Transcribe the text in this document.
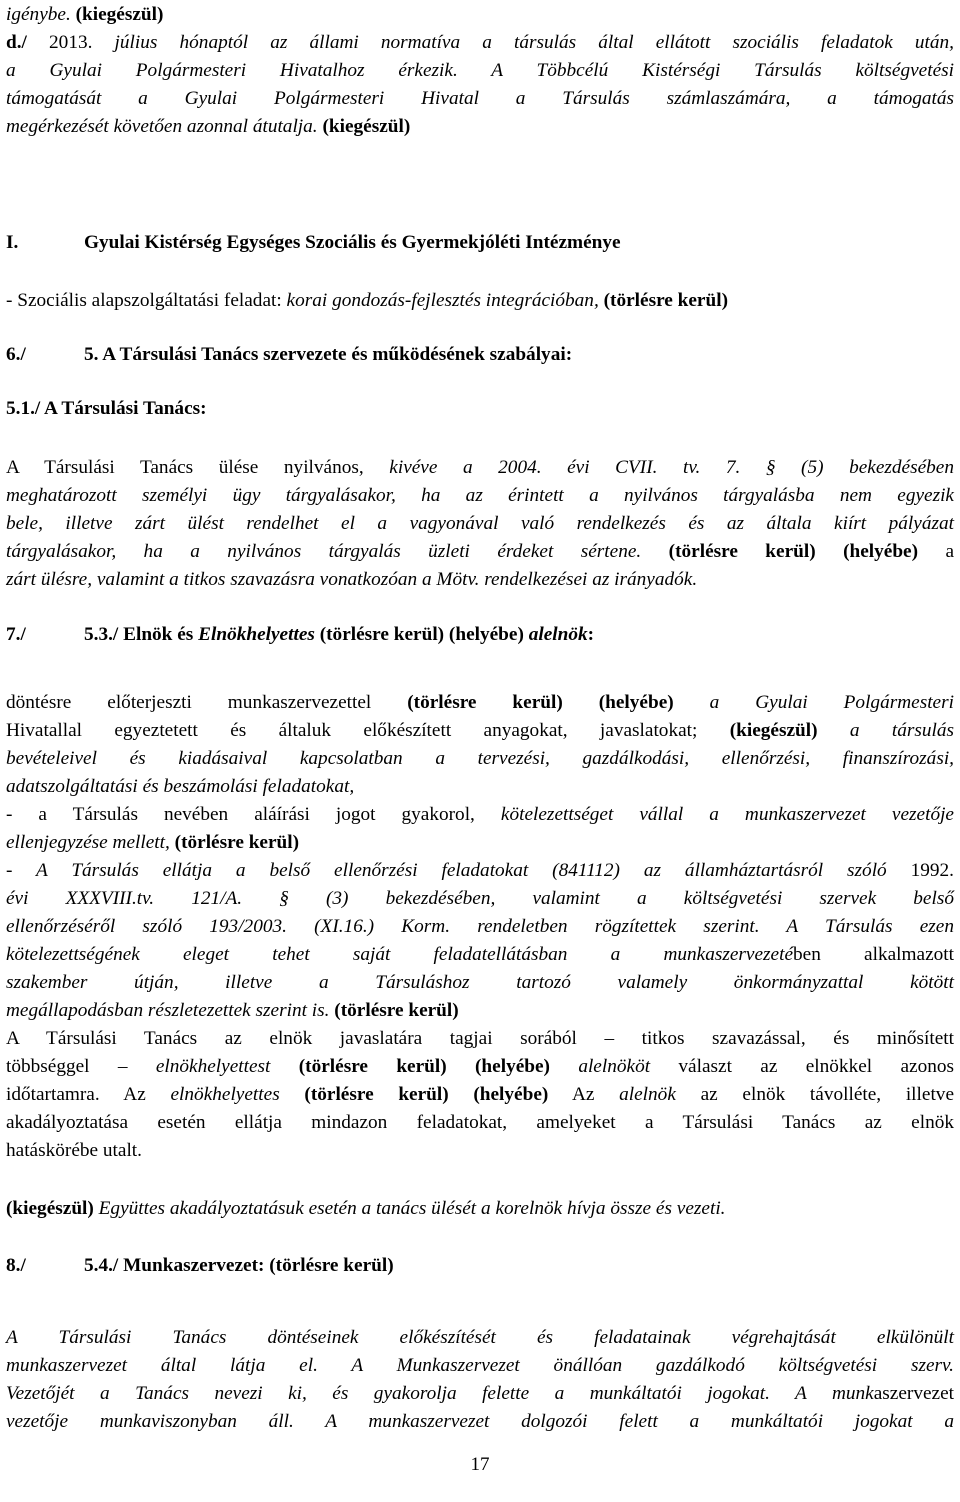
igénybe. (kiegészül)
d./ 2013. július hónaptól az állami normatíva a társulás által ellátott szociális feladatok után,
a Gyulai Polgármesteri Hivatalhoz érkezik. A Többcélú Kistérségi Társulás költségvetési
támogatását a Gyulai Polgármesteri Hivatal a Társulás számlaszámára, a támogatás
megérkezését követően azonnal átutalja. (kiegészül)
I.	Gyulai Kistérség Egységes Szociális és Gyermekjóléti Intézménye
- Szociális alapszolgáltatási feladat: korai gondozás-fejlesztés integrációban, (törlésre kerül)
6./	5. A Társulási Tanács szervezete és működésének szabályai:
5.1./ A Társulási Tanács:
A Társulási Tanács ülése nyilvános, kivéve a 2004. évi CVII. tv. 7. § (5) bekezdésében
meghatározott személyi ügy tárgyalásakor, ha az érintett a nyilvános tárgyalásba nem egyezik
bele, illetve zárt ülést rendelhet el a vagyonával való rendelkezés és az általa kiírt pályázat
tárgyalásakor, ha a nyilvános tárgyalás üzleti érdeket sértene. (törlésre kerül) (helyébe) a
zárt ülésre, valamint a titkos szavazásra vonatkozóan a Mötv. rendelkezései az irányadók.
7./	5.3./ Elnök és Elnökhelyettes (törlésre kerül) (helyébe) alelnök:
döntésre előterjeszti munkaszervezettel (törlésre kerül) (helyébe) a Gyulai Polgármesteri
Hivatallal egyeztetett és általuk előkészített anyagokat, javaslatokat; (kiegészül) a társulás
bevételeivel és kiadásaival kapcsolatban a tervezési, gazdálkodási, ellenőrzési, finanszírozási,
adatszolgáltatási és beszámolási feladatokat,
- a Társulás nevében aláírási jogot gyakorol, kötelezettséget vállal a munkaszervezet vezetője
ellenjegyzése mellett, (törlésre kerül)
- A Társulás ellátja a belső ellenőrzési feladatokat (841112) az államháztartásról szóló 1992.
évi XXXVIII.tv. 121/A. § (3) bekezdésében, valamint a költségvetési szervek belső
ellenőrzéséről szóló 193/2003. (XI.16.) Korm. rendeletben rögzítettek szerint. A Társulás ezen
kötelezettségének eleget tehet saját feladatellátásban a munkaszervezetében alkalmazott
szakember útján, illetve a Társuláshoz tartozó valamely önkormányzattal kötött
megállapodásban részletezettek szerint is. (törlésre kerül)
A Társulási Tanács az elnök javaslatára tagjai sorából – titkos szavazással, és minősített
többséggel – elnökhelyettest (törlésre kerül) (helyébe) alelnököt választ az elnökkel azonos
időtartamra. Az elnökhelyettes (törlésre kerül) (helyébe) Az alelnök az elnök távolléte, illetve
akadályoztatása esetén ellátja mindazon feladatokat, amelyeket a Társulási Tanács az elnök
hatáskörébe utalt.
(kiegészül) Együttes akadályoztatásuk esetén a tanács ülését a korelnök hívja össze és vezeti.
8./	5.4./ Munkaszervezet: (törlésre kerül)
A Társulási Tanács döntéseinek előkészítését és feladatainak végrehajtását elkülönült
munkaszervezet által látja el. A Munkaszervezet önállóan gazdálkodó költségvetési szerv.
Vezetőjét a Tanács nevezi ki, és gyakorolja felette a munkáltatói jogokat. A munkaszervezet
vezetője munkaviszonyban áll. A munkaszervezet dolgozói felett a munkáltatói jogokat a
17
